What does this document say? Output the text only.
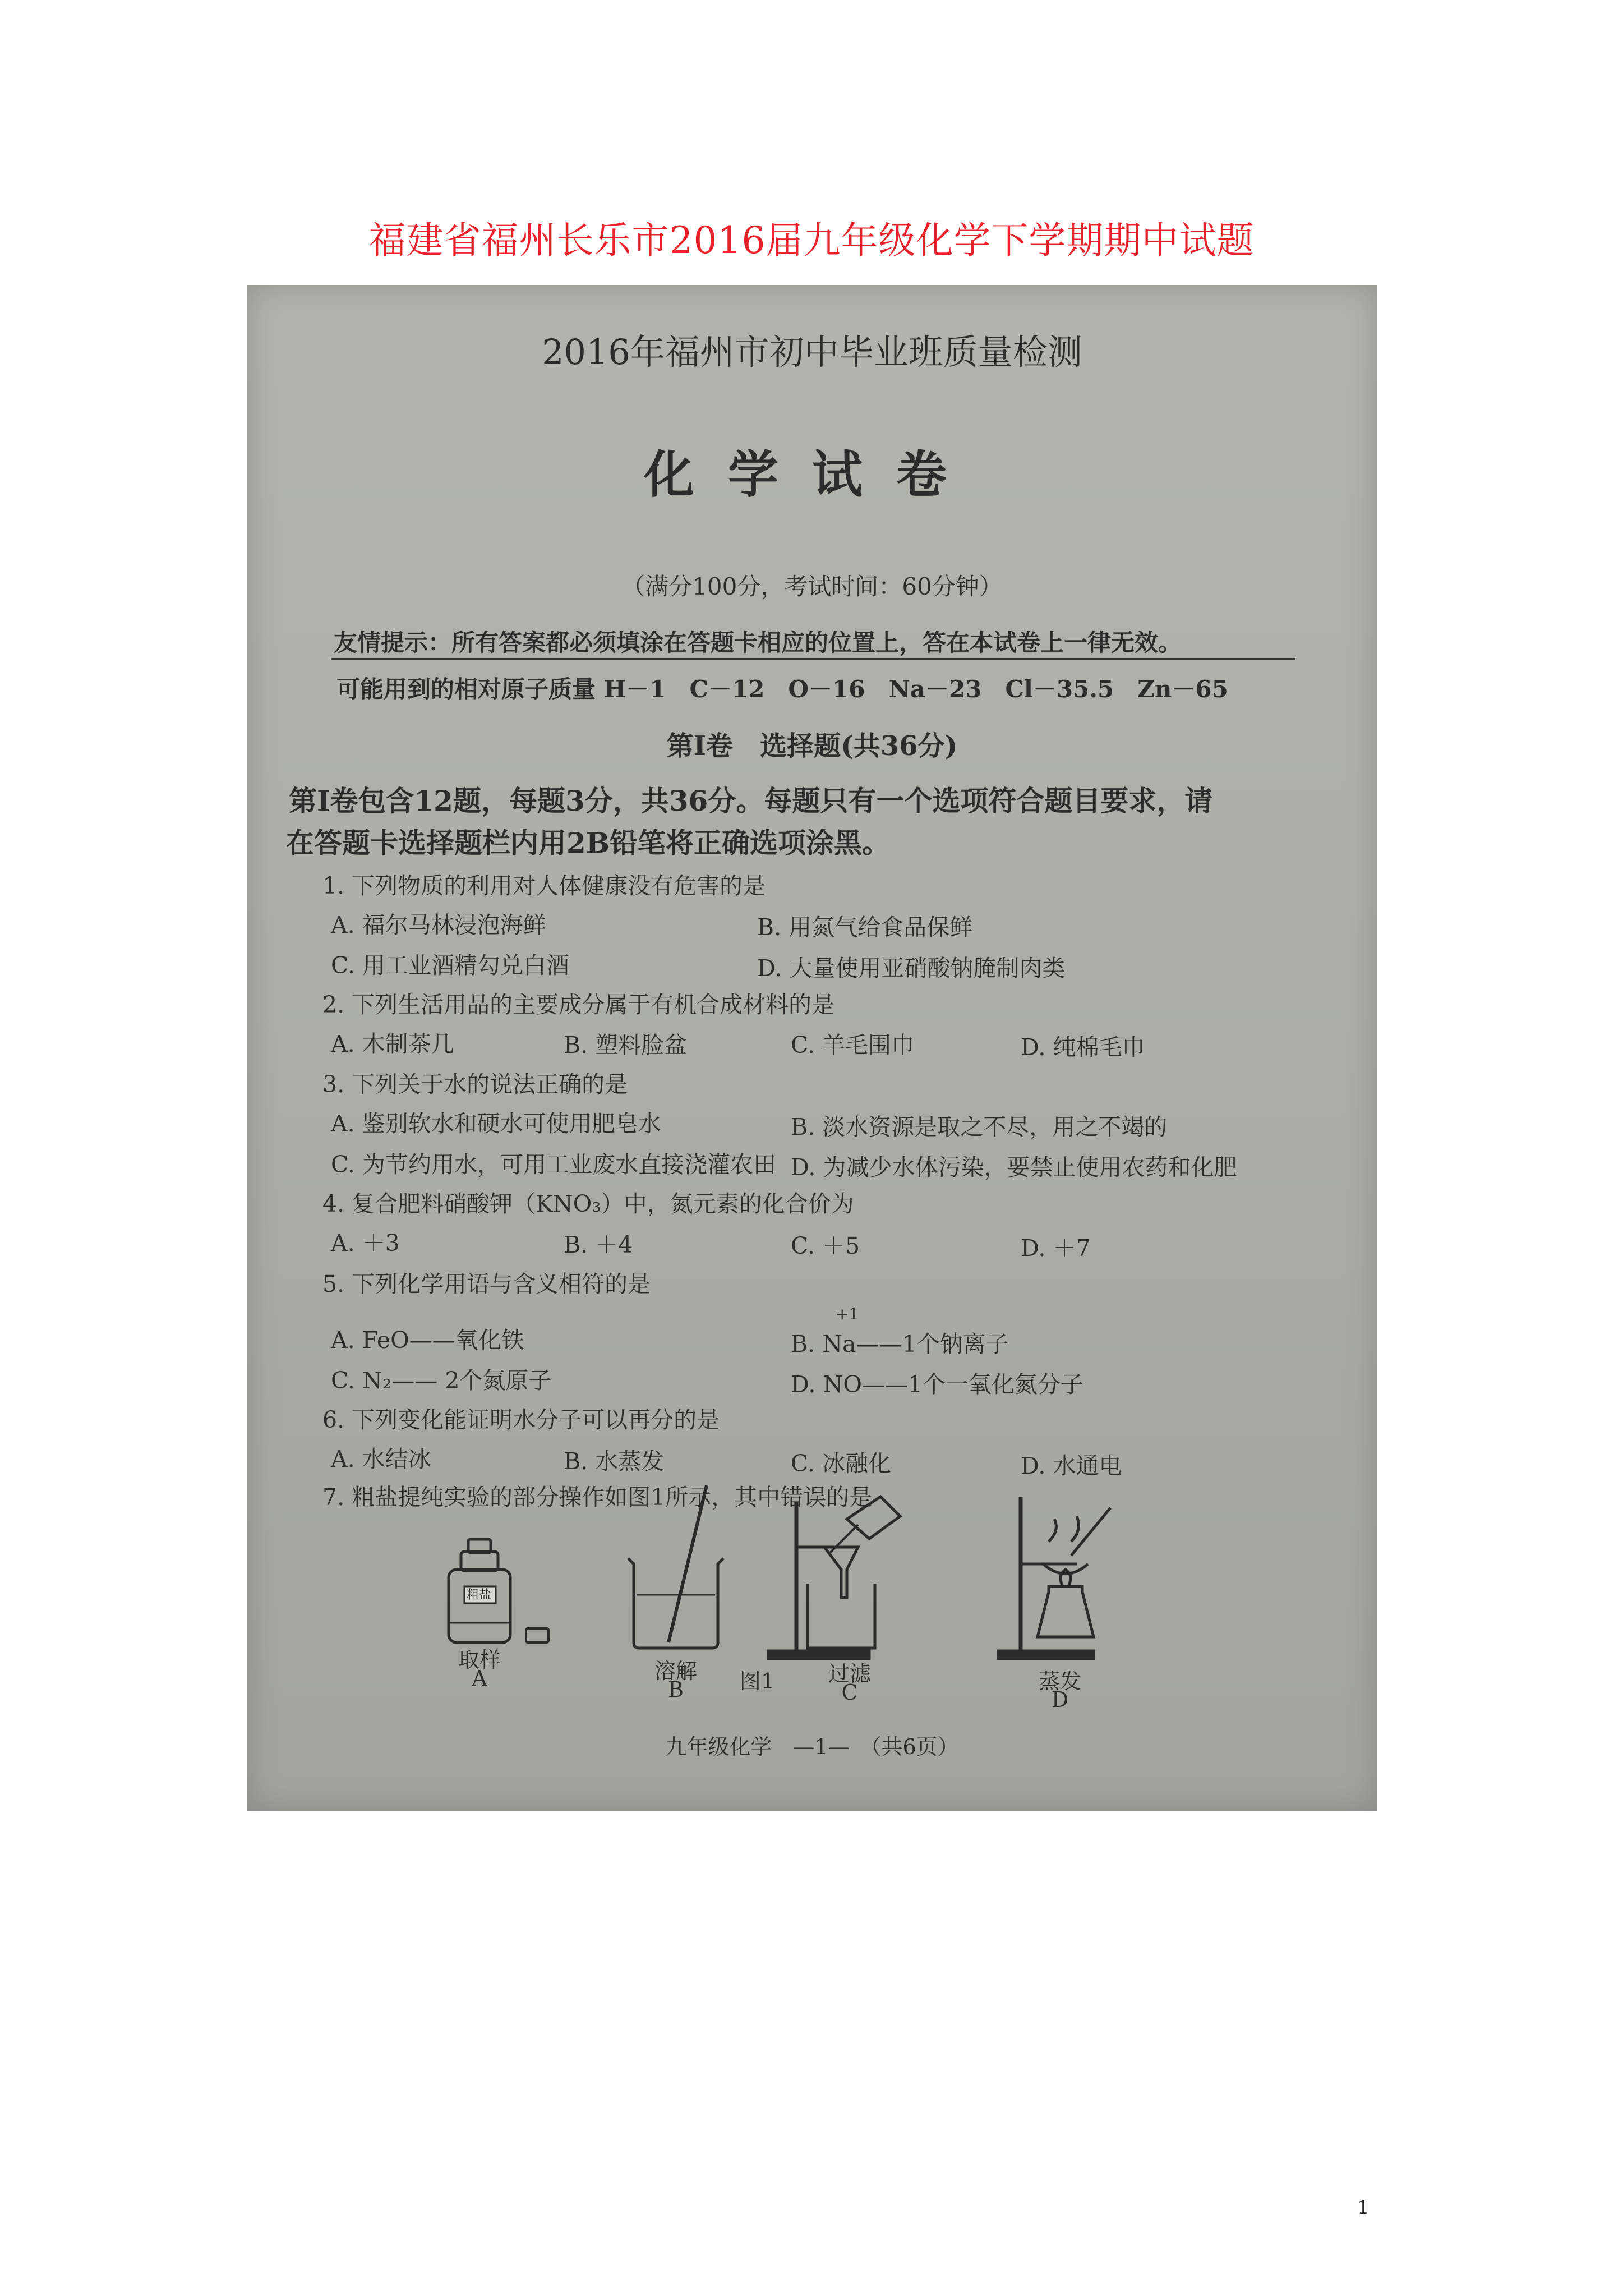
福建省福州长乐市2016届九年级化学下学期期中试题
2016年福州市初中毕业班质量检测
化学试卷
（满分100分，考试时间：60分钟）
友情提示：所有答案都必须填涂在答题卡相应的位置上，答在本试卷上一律无效。
可能用到的相对原子质量 H－1　C－12　O－16　Na－23　Cl－35.5　Zn－65
第Ⅰ卷　选择题(共36分)
第Ⅰ卷包含12题，每题3分，共36分。每题只有一个选项符合题目要求，请
在答题卡选择题栏内用2B铅笔将正确选项涂黑。
1. 下列物质的利用对人体健康没有危害的是
A. 福尔马林浸泡海鲜	B. 用氮气给食品保鲜
C. 用工业酒精勾兑白酒	D. 大量使用亚硝酸钠腌制肉类
2. 下列生活用品的主要成分属于有机合成材料的是
A. 木制茶几	B. 塑料脸盆	C. 羊毛围巾	D. 纯棉毛巾
3. 下列关于水的说法正确的是
A. 鉴别软水和硬水可使用肥皂水	B. 淡水资源是取之不尽，用之不竭的
C. 为节约用水，可用工业废水直接浇灌农田 D. 为减少水体污染，要禁止使用农药和化肥
4. 复合肥料硝酸钾（KNO₃）中，氮元素的化合价为
A. ＋3	B. ＋4	C. ＋5	D. ＋7
5. 下列化学用语与含义相符的是
+1
A. FeO——氧化铁	B. Na——1个钠离子
C. N₂—— 2个氮原子	D. NO——1个一氧化氮分子
6. 下列变化能证明水分子可以再分的是
A. 水结冰	B. 水蒸发	C. 冰融化	D. 水通电
7. 粗盐提纯实验的部分操作如图1所示，其中错误的是
粗盐
取样
A	溶解
B	图1	过滤
C	蒸发
D
九年级化学　—1—　（共6页）
1
